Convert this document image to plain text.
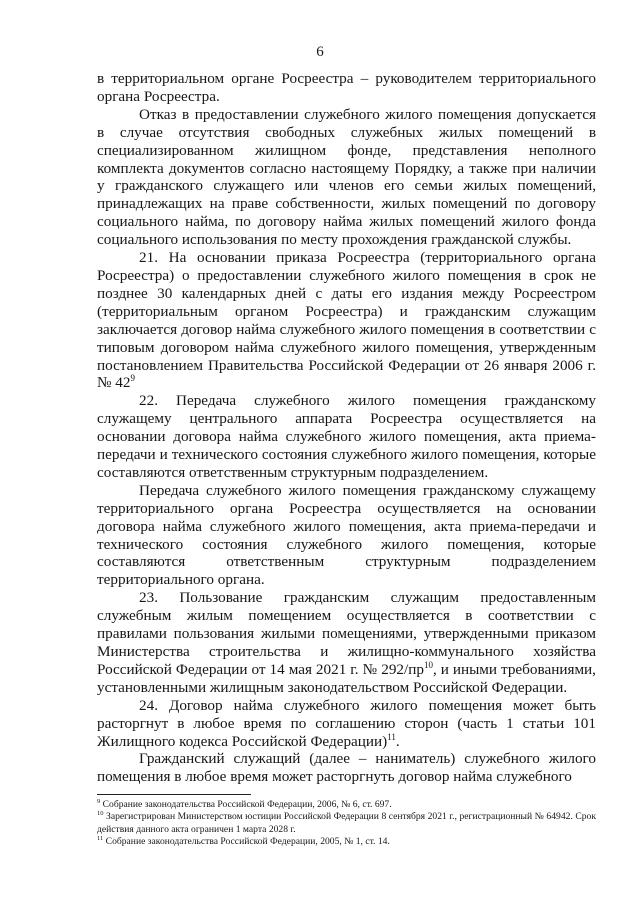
6

в территориальном органе Росреестра – руководителем территориального органа Росреестра.

Отказ в предоставлении служебного жилого помещения допускается в случае отсутствия свободных служебных жилых помещений в специализированном жилищном фонде, представления неполного комплекта документов согласно настоящему Порядку, а также при наличии у гражданского служащего или членов его семьи жилых помещений, принадлежащих на праве собственности, жилых помещений по договору социального найма, по договору найма жилых помещений жилого фонда социального использования по месту прохождения гражданской службы.

21. На основании приказа Росреестра (территориального органа Росреестра) о предоставлении служебного жилого помещения в срок не позднее 30 календарных дней с даты его издания между Росреестром (территориальным органом Росреестра) и гражданским служащим заключается договор найма служебного жилого помещения в соответствии с типовым договором найма служебного жилого помещения, утвержденным постановлением Правительства Российской Федерации от 26 января 2006 г. № $42^9$

22. Передача служебного жилого помещения гражданскому служащему центрального аппарата Росреестра осуществляется на основании договора найма служебного жилого помещения, акта приема-передачи и технического состояния служебного жилого помещения, которые составляются ответственным структурным подразделением.

Передача служебного жилого помещения гражданскому служащему территориального органа Росреестра осуществляется на основании договора найма служебного жилого помещения, акта приема-передачи и технического состояния служебного жилого помещения, которые составляются ответственным структурным подразделением территориального органа.

23. Пользование гражданским служащим предоставленным служебным жилым помещением осуществляется в соответствии с правилами пользования жилыми помещениями, утвержденными приказом Министерства строительства и жилищно-коммунального хозяйства Российской Федерации от 14 мая 2021 г. № $292/пр^{10}$, и иными требованиями, установленными жилищным законодательством Российской Федерации.

24. Договор найма служебного жилого помещения может быть расторгнут в любое время по соглашению сторон (часть 1 статьи 101 Жилищного кодекса Российской Федерации)$^{11}$.

Гражданский служащий (далее – наниматель) служебного жилого помещения в любое время может расторгнуть договор найма служебного

$^9$ Собрание законодательства Российской Федерации, 2006, № 6, ст. 697.

$^{10}$ Зарегистрирован Министерством юстиции Российской Федерации 8 сентября 2021 г., регистрационный № 64942. Срок действия данного акта ограничен 1 марта 2028 г.

$^{11}$ Собрание законодательства Российской Федерации, 2005, № 1, ст. 14.
